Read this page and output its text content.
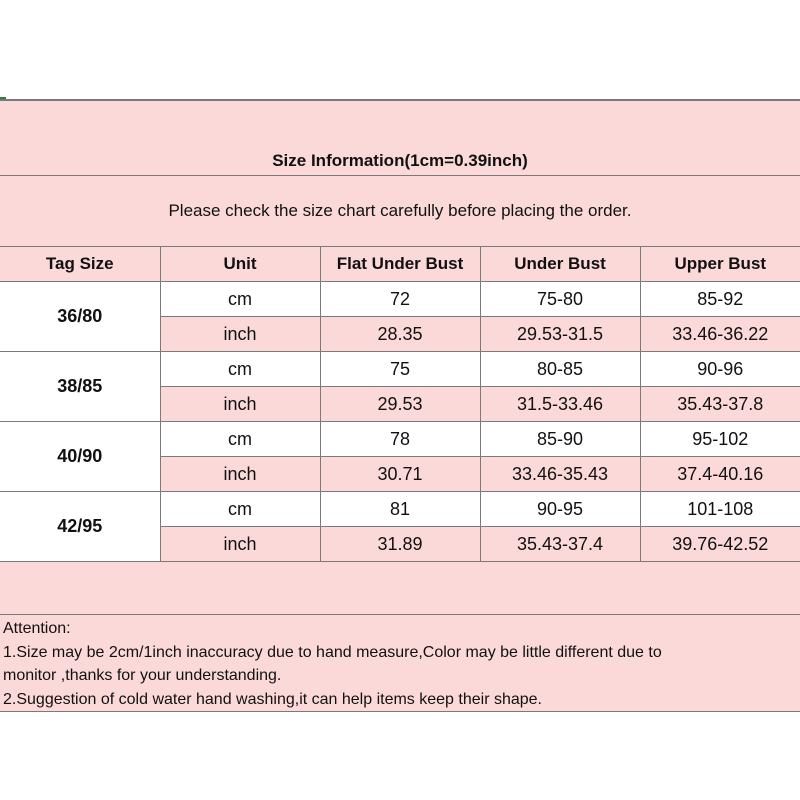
Size Information(1cm=0.39inch)				
Please check the size chart carefully before placing the order.				
Tag Size	Unit	Flat Under Bust	Under Bust	Upper Bust
36/80	cm	72	75-80	85-92
	inch	28.35	29.53-31.5	33.46-36.22
38/85	cm	75	80-85	90-96
	inch	29.53	31.5-33.46	35.43-37.8
40/90	cm	78	85-90	95-102
	inch	30.71	33.46-35.43	37.4-40.16
42/95	cm	81	90-95	101-108
	inch	31.89	35.43-37.4	39.76-42.52

Attention:
1.Size may be 2cm/1inch inaccuracy due to hand measure,Color may be little different due to
monitor ,thanks for your understanding.
2.Suggestion of cold water hand washing,it can help items keep their shape.				
